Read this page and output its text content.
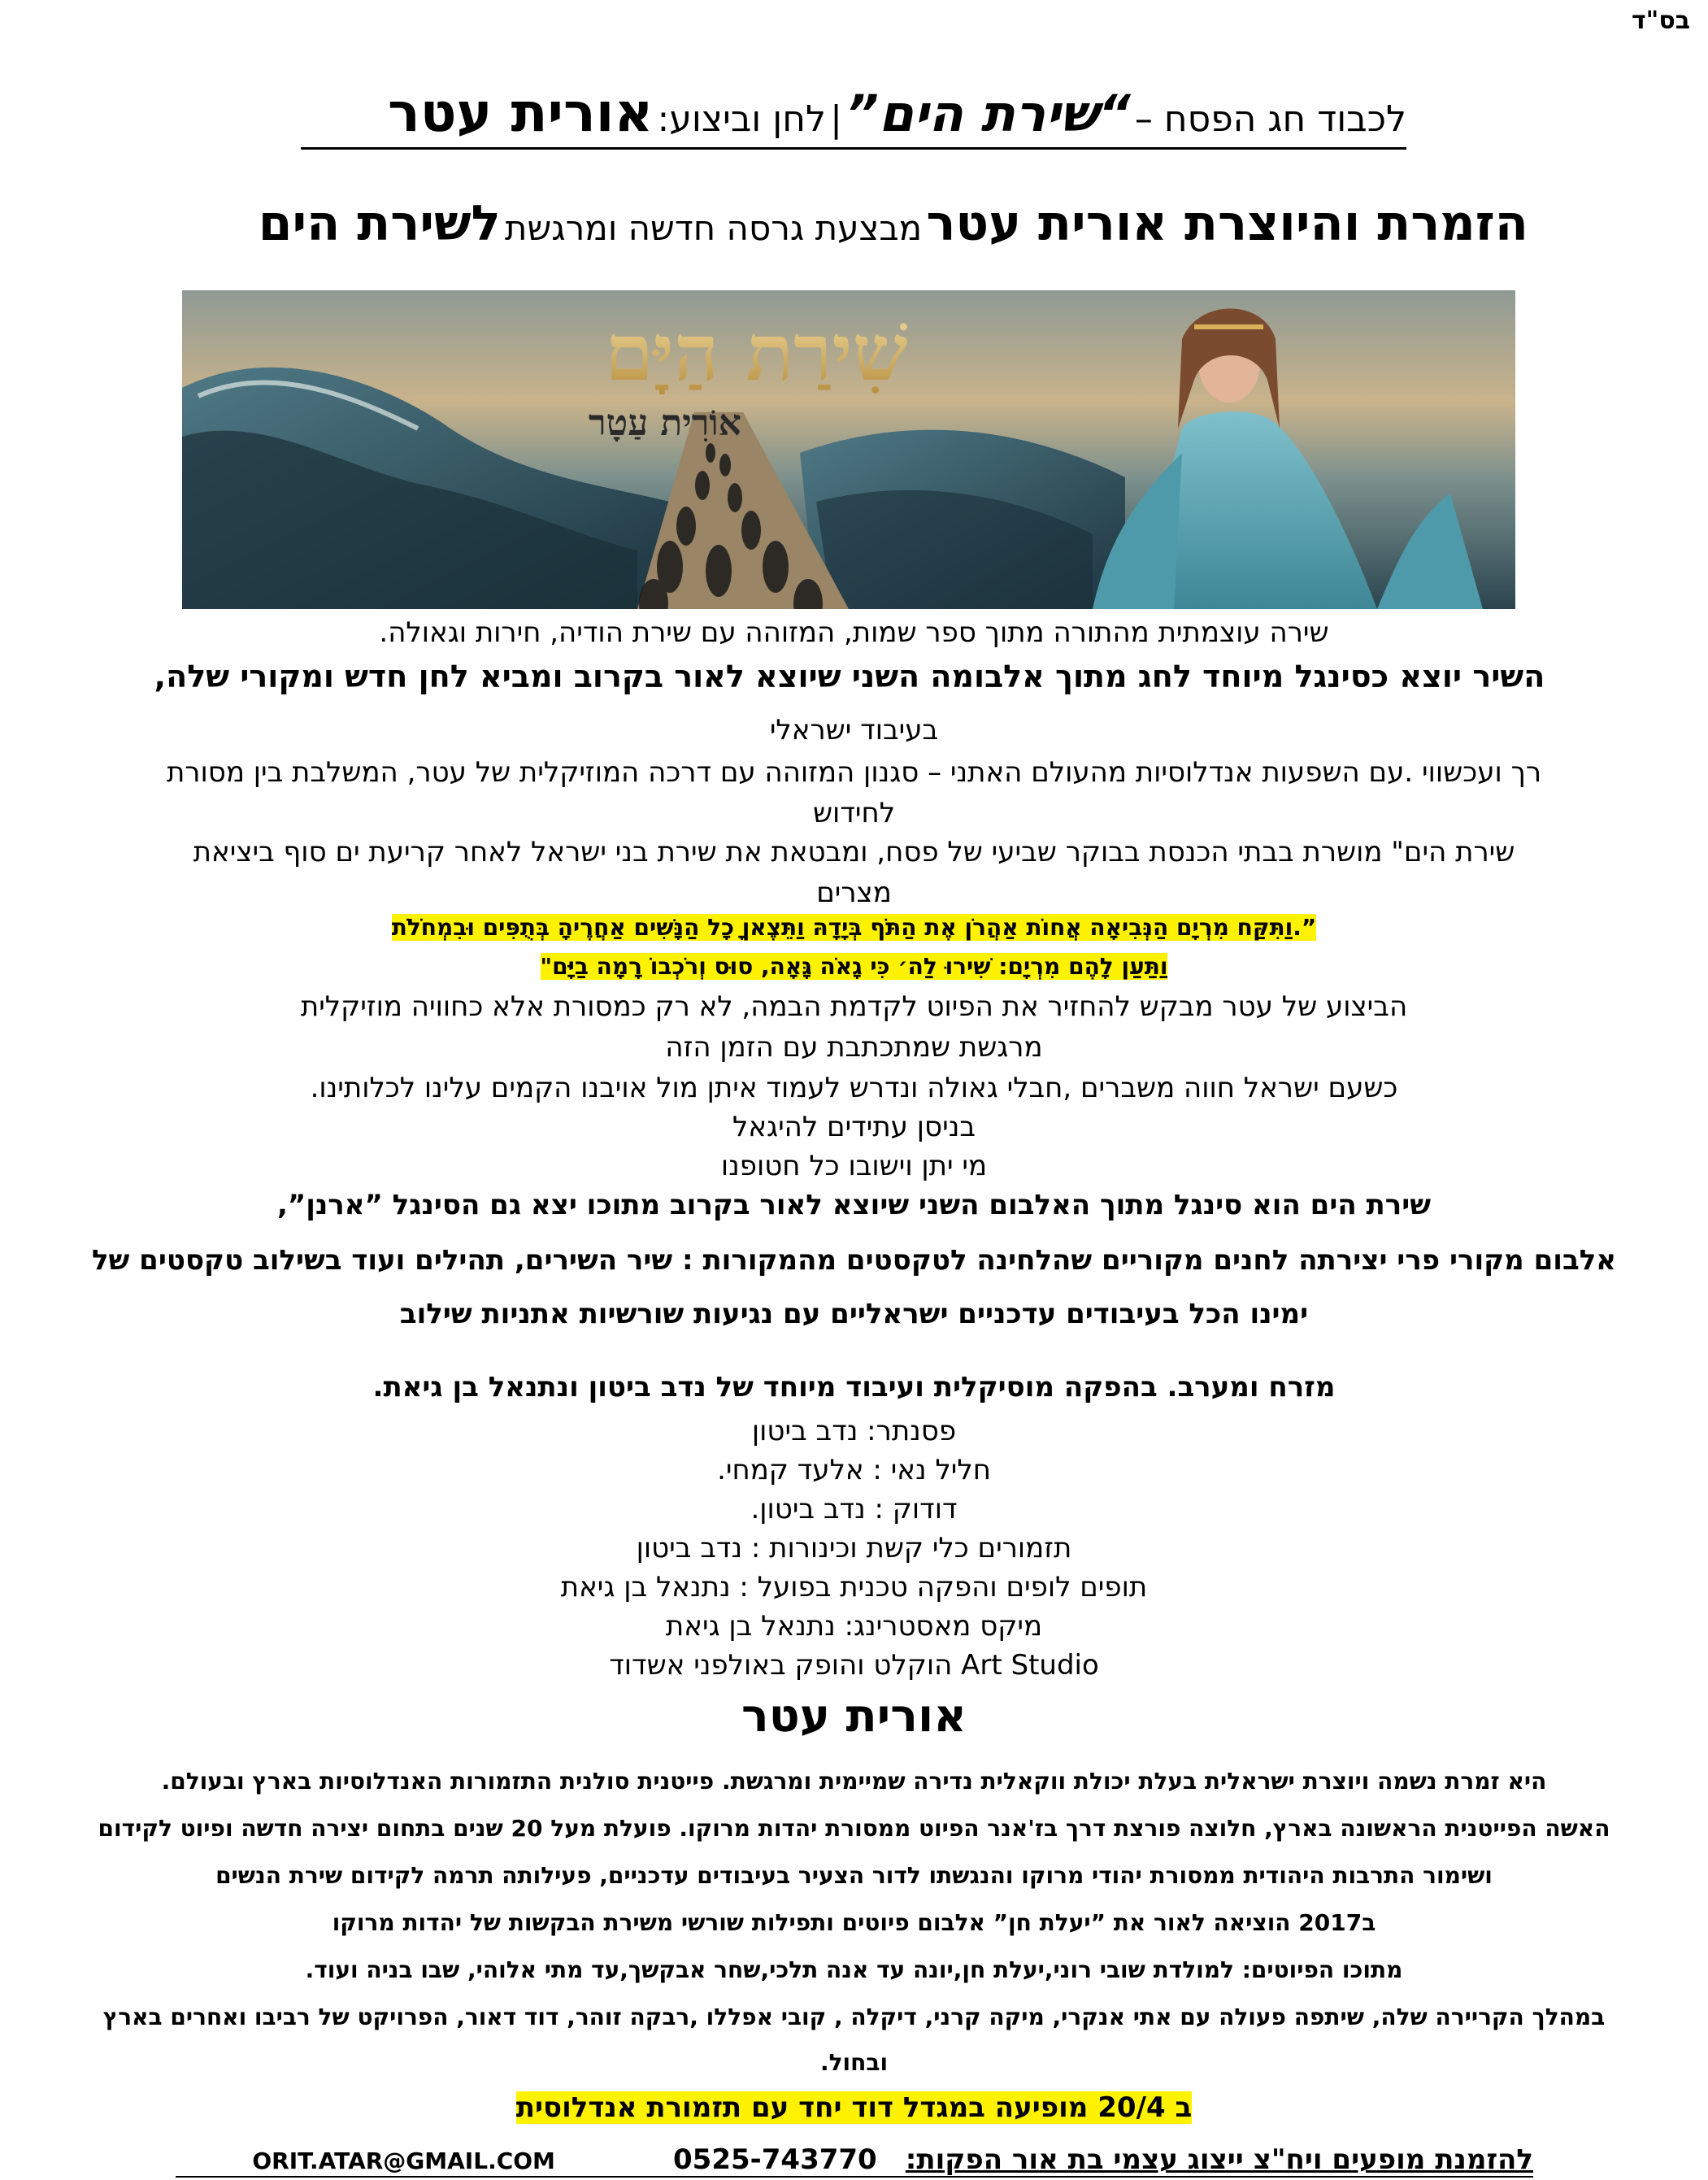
בס"ד
לכבוד חג הפסח – “שירת הים” | לחן וביצוע: אורית עטר
הזמרת והיוצרת אורית עטר מבצעת גרסה חדשה ומרגשת לשירת הים
שִׁירַת הַיָּם
אוֹרִית עַטָר
שירה עוצמתית מהתורה מתוך ספר שמות, המזוהה עם שירת הודיה, חירות וגאולה.
השיר יוצא כסינגל מיוחד לחג מתוך אלבומה השני שיוצא לאור בקרוב ומביא לחן חדש ומקורי שלה,
בעיבוד ישראלי
רך ועכשווי .עם השפעות אנדלוסיות מהעולם האתני – סגנון המזוהה עם דרכה המוזיקלית של עטר, המשלבת בין מסורת
לחידוש
שירת הים" מושרת בבתי הכנסת בבוקר שביעי של פסח, ומבטאת את שירת בני ישראל לאחר קריעת ים סוף ביציאת
מצרים
”.וַתִּקַּח מִרְיָם הַנְּבִיאָה אֲחוֹת אַהֲרֹן אֶת הַתֹּף בְּיָדָהּ וַתֵּצֶאןָ כָל הַנָּשִׁים אַחֲרֶיהָ בְּתֻפִּים וּבִמְחֹלֹת
וַתַּעַן לָהֶם מִרְיָם: שִׁירוּ לַה׳ כִּי גָאֹה גָּאָה, סוּס וְרֹכְבוֹ רָמָה בַיָּם"
הביצוע של עטר מבקש להחזיר את הפיוט לקדמת הבמה, לא רק כמסורת אלא כחוויה מוזיקלית
מרגשת שמתכתבת עם הזמן הזה
כשעם ישראל חווה משברים ,חבלי גאולה ונדרש לעמוד איתן מול אויבנו הקמים עלינו לכלותינו.
בניסן עתידים להיגאל
מי יתן וישובו כל חטופנו
שירת הים הוא סינגל מתוך האלבום השני שיוצא לאור בקרוב מתוכו יצא גם הסינגל ”ארנן”,
אלבום מקורי פרי יצירתה לחנים מקוריים שהלחינה לטקסטים מהמקורות : שיר השירים, תהילים ועוד בשילוב טקסטים של
ימינו הכל בעיבודים עדכניים ישראליים עם נגיעות שורשיות אתניות שילוב
מזרח ומערב. בהפקה מוסיקלית ועיבוד מיוחד של נדב ביטון ונתנאל בן גיאת.
פסנתר: נדב ביטון
חליל נאי : אלעד קמחי.
דודוק : נדב ביטון.
תזמורים כלי קשת וכינורות : נדב ביטון
תופים לופים והפקה טכנית בפועל : נתנאל בן גיאת
מיקס מאסטרינג: נתנאל בן גיאת
Art Studio הוקלט והופק באולפני אשדוד
אורית עטר
היא זמרת נשמה ויוצרת ישראלית בעלת יכולת ווקאלית נדירה שמיימית ומרגשת. פייטנית סולנית התזמורות האנדלוסיות בארץ ובעולם.
האשה הפייטנית הראשונה בארץ, חלוצה פורצת דרך בז'אנר הפיוט ממסורת יהדות מרוקו. פועלת מעל 20 שנים בתחום יצירה חדשה ופיוט לקידום
ושימור התרבות היהודית ממסורת יהודי מרוקו והנגשתו לדור הצעיר בעיבודים עדכניים, פעילותה תרמה לקידום שירת הנשים
ב2017 הוציאה לאור את ”יעלת חן” אלבום פיוטים ותפילות שורשי משירת הבקשות של יהדות מרוקו
מתוכו הפיוטים: למולדת שובי רוני,יעלת חן,יונה עד אנה תלכי,שחר אבקשך,עד מתי אלוהי, שבו בניה ועוד.
במהלך הקריירה שלה, שיתפה פעולה עם אתי אנקרי, מיקה קרני, דיקלה , קובי אפללו ,רבקה זוהר, דוד דאור, הפרויקט של רביבו ואחרים בארץ
ובחול.
ב 20/4 מופיעה במגדל דוד יחד עם תזמורת אנדלוסית
להזמנת מופעים ויח"צ ייצוג עצמי בת אור הפקות: 0525-743770 ORIT.ATAR@GMAIL.COM
